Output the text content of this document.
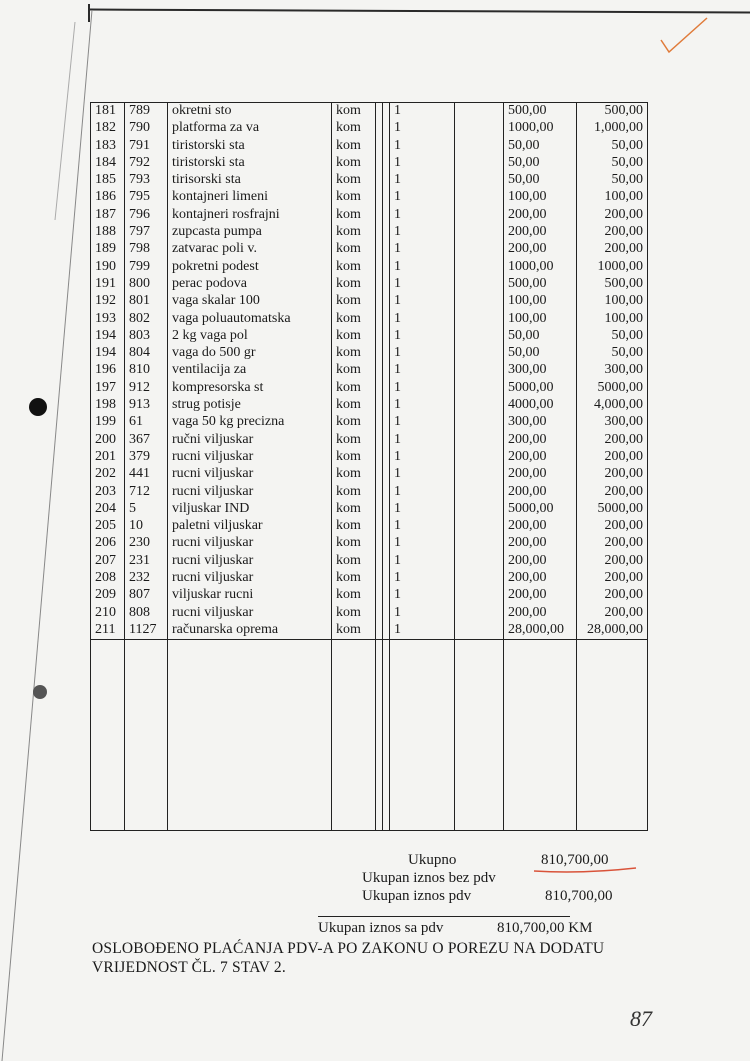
181	789	okretni sto	kom			1		500,00	500,00
182	790	platforma za va	kom			1		1000,00	1,000,00
183	791	tiristorski sta	kom			1		50,00	50,00
184	792	tiristorski sta	kom			1		50,00	50,00
185	793	tirisorski sta	kom			1		50,00	50,00
186	795	kontajneri limeni	kom			1		100,00	100,00
187	796	kontajneri rosfrajni	kom			1		200,00	200,00
188	797	zupcasta pumpa	kom			1		200,00	200,00
189	798	zatvarac poli v.	kom			1		200,00	200,00
190	799	pokretni podest	kom			1		1000,00	1000,00
191	800	perac podova	kom			1		500,00	500,00
192	801	vaga skalar 100	kom			1		100,00	100,00
193	802	vaga poluautomatska	kom			1		100,00	100,00
194	803	2 kg vaga pol	kom			1		50,00	50,00
194	804	vaga do 500 gr	kom			1		50,00	50,00
196	810	ventilacija za	kom			1		300,00	300,00
197	912	kompresorska st	kom			1		5000,00	5000,00
198	913	strug potisje	kom			1		4000,00	4,000,00
199	61	vaga 50 kg precizna	kom			1		300,00	300,00
200	367	ručni viljuskar	kom			1		200,00	200,00
201	379	rucni viljuskar	kom			1		200,00	200,00
202	441	rucni viljuskar	kom			1		200,00	200,00
203	712	rucni viljuskar	kom			1		200,00	200,00
204	5	viljuskar IND	kom			1		5000,00	5000,00
205	10	paletni viljuskar	kom			1		200,00	200,00
206	230	rucni viljuskar	kom			1		200,00	200,00
207	231	rucni viljuskar	kom			1		200,00	200,00
208	232	rucni viljuskar	kom			1		200,00	200,00
209	807	viljuskar rucni	kom			1		200,00	200,00
210	808	rucni viljuskar	kom			1		200,00	200,00
211	1127	računarska oprema	kom			1		28,000,00	28,000,00

Ukupno	810,700,00
Ukupan iznos bez pdv
Ukupan iznos pdv	810,700,00
Ukupan iznos sa pdv	810,700,00 KM
OSLOBOĐENO PLAĆANJA PDV-A PO ZAKONU O POREZU NA DODATU
VRIJEDNOST ČL. 7 STAV 2.
87
